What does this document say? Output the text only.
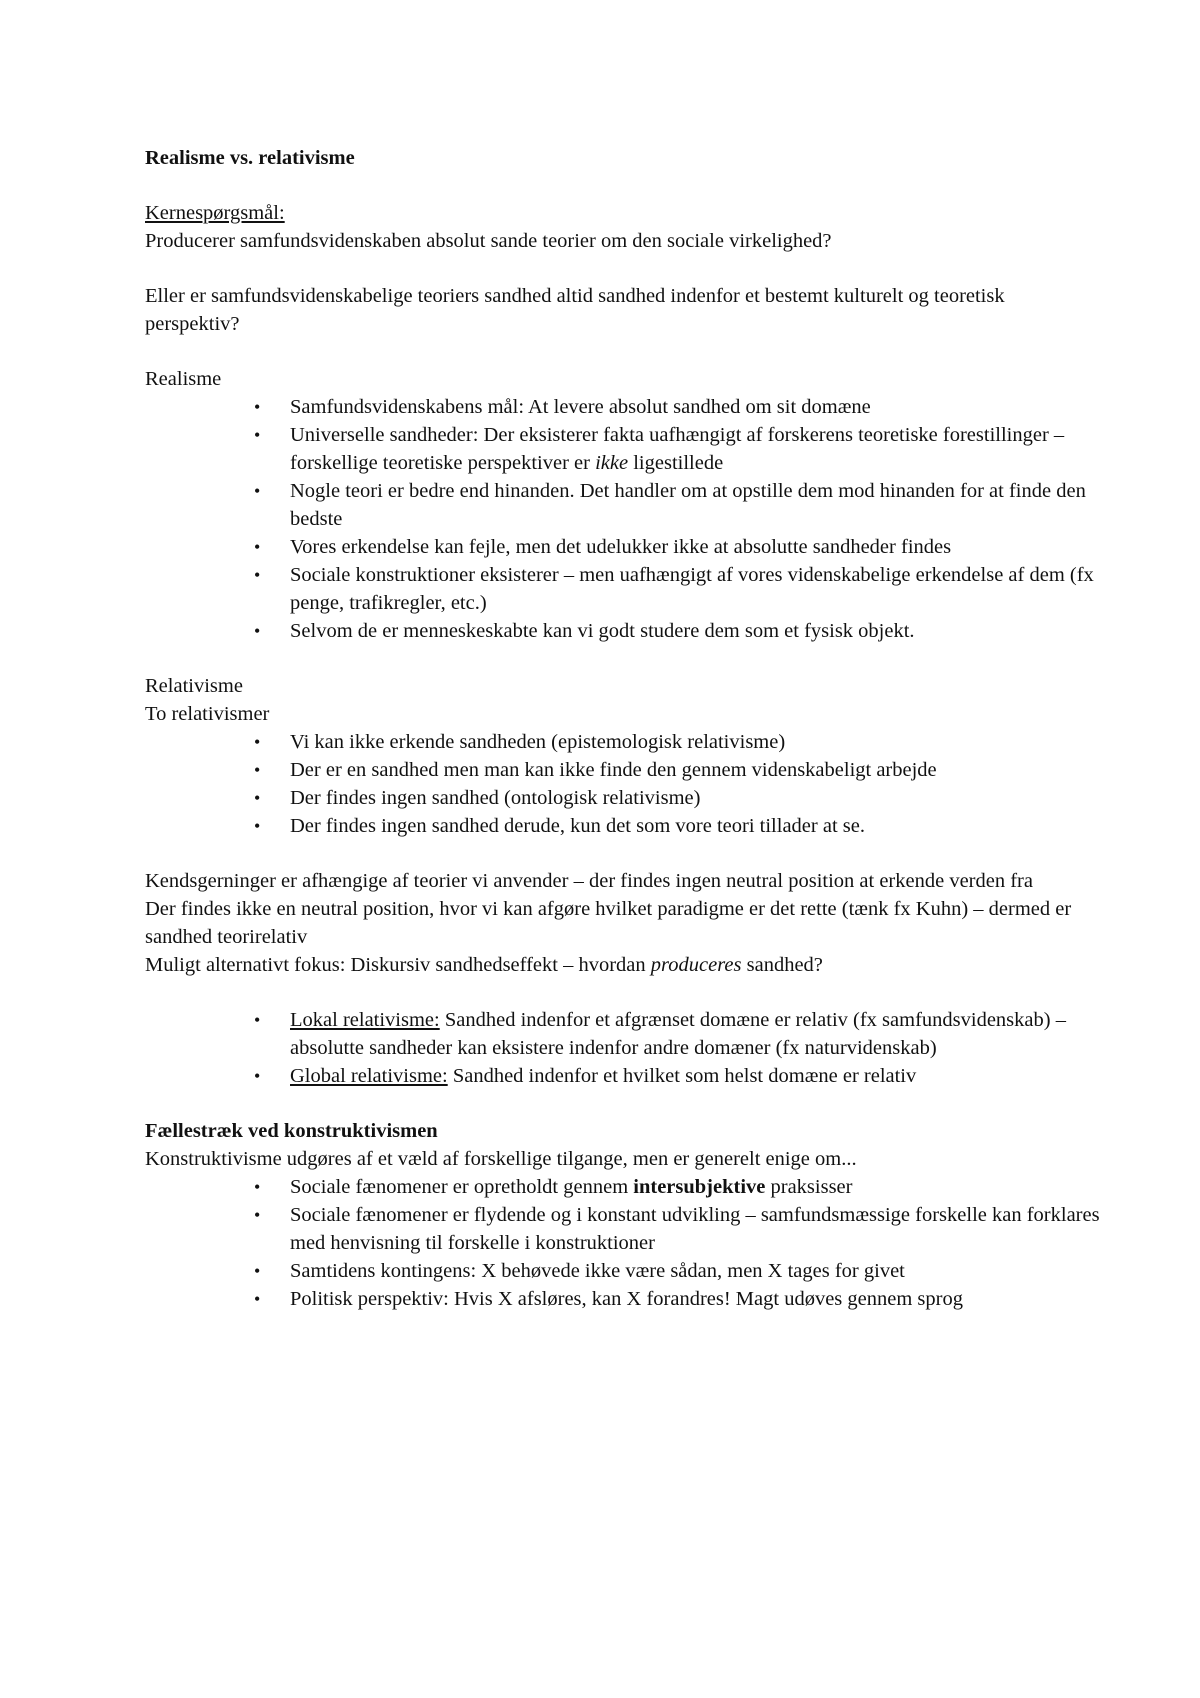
Realisme vs. relativisme
Kernespørgsmål:
Producerer samfundsvidenskaben absolut sande teorier om den sociale virkelighed?
Eller er samfundsvidenskabelige teoriers sandhed altid sandhed indenfor et bestemt kulturelt og teoretisk perspektiv?
Realisme
• Samfundsvidenskabens mål: At levere absolut sandhed om sit domæne
• Universelle sandheder: Der eksisterer fakta uafhængigt af forskerens teoretiske forestillinger – forskellige teoretiske perspektiver er ikke ligestillede
• Nogle teori er bedre end hinanden. Det handler om at opstille dem mod hinanden for at finde den bedste
• Vores erkendelse kan fejle, men det udelukker ikke at absolutte sandheder findes
• Sociale konstruktioner eksisterer – men uafhængigt af vores videnskabelige erkendelse af dem (fx penge, trafikregler, etc.)
• Selvom de er menneskeskabte kan vi godt studere dem som et fysisk objekt.
Relativisme
To relativismer
• Vi kan ikke erkende sandheden (epistemologisk relativisme)
• Der er en sandhed men man kan ikke finde den gennem videnskabeligt arbejde
• Der findes ingen sandhed (ontologisk relativisme)
• Der findes ingen sandhed derude, kun det som vore teori tillader at se.
Kendsgerninger er afhængige af teorier vi anvender – der findes ingen neutral position at erkende verden fra
Der findes ikke en neutral position, hvor vi kan afgøre hvilket paradigme er det rette (tænk fx Kuhn) – dermed er sandhed teorirelativ
Muligt alternativt fokus: Diskursiv sandhedseffekt – hvordan produceres sandhed?
• Lokal relativisme: Sandhed indenfor et afgrænset domæne er relativ (fx samfundsvidenskab) – absolutte sandheder kan eksistere indenfor andre domæner (fx naturvidenskab)
• Global relativisme: Sandhed indenfor et hvilket som helst domæne er relativ
Fællestræk ved konstruktivismen
Konstruktivisme udgøres af et væld af forskellige tilgange, men er generelt enige om...
• Sociale fænomener er opretholdt gennem intersubjektive praksisser
• Sociale fænomener er flydende og i konstant udvikling – samfundsmæssige forskelle kan forklares med henvisning til forskelle i konstruktioner
• Samtidens kontingens: X behøvede ikke være sådan, men X tages for givet
• Politisk perspektiv: Hvis X afsløres, kan X forandres! Magt udøves gennem sprog
